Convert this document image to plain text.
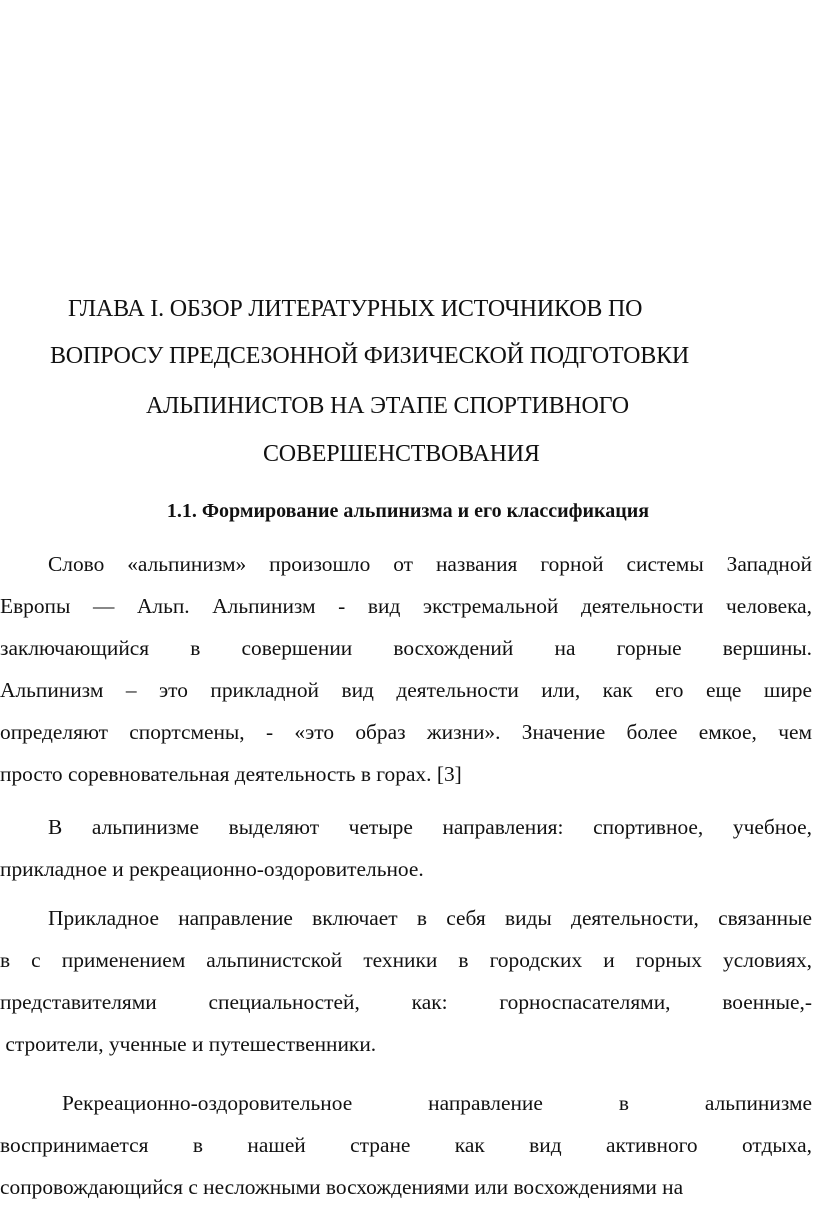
ГЛАВА I. ОБЗОР ЛИТЕРАТУРНЫХ ИСТОЧНИКОВ ПО
ВОПРОСУ ПРЕДСЕЗОННОЙ ФИЗИЧЕСКОЙ ПОДГОТОВКИ
АЛЬПИНИСТОВ НА ЭТАПЕ СПОРТИВНОГО
СОВЕРШЕНСТВОВАНИЯ
1.1. Формирование альпинизма и его классификация
Слово «альпинизм» произошло от названия горной системы Западной
Европы — Альп. Альпинизм - вид экстремальной деятельности человека,
заключающийся в совершении восхождений на горные вершины.
Альпинизм – это прикладной вид деятельности или, как его еще шире
определяют спортсмены, - «это образ жизни». Значение более емкое, чем
просто соревновательная деятельность в горах. [3]
В альпинизме выделяют четыре направления: спортивное, учебное,
прикладное и рекреационно-оздоровительное.
Прикладное направление включает в себя виды деятельности, связанные
в с применением альпинистской техники в городских и горных условиях,
представителями специальностей, как: горноспасателями, военные,-
строители, ученные и путешественники.
Рекреационно-оздоровительное направление в альпинизме
воспринимается в нашей стране как вид активного отдыха,
сопровождающийся с несложными восхождениями или восхождениями на
